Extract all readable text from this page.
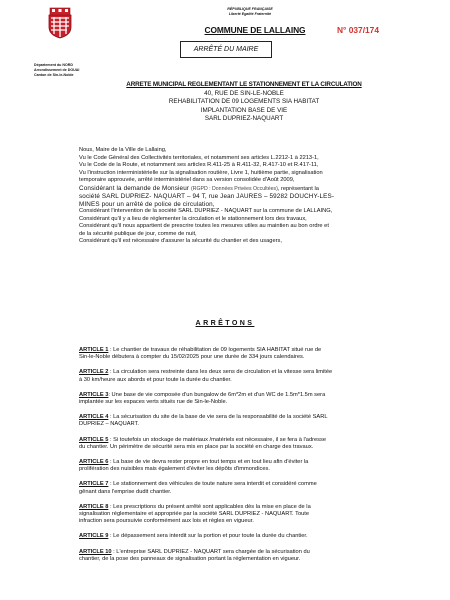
Département du NORD
Arrondissement de DOUAI
Canton de Sin-le-Noble
RÉPUBLIQUE FRANÇAISE
Liberté Egalité Fraternité
COMMUNE DE LALLAING	N° 037/174
ARRÊTÉ DU MAIRE
ARRETE MUNICIPAL REGLEMENTANT LE STATIONNEMENT ET LA CIRCULATION
40, RUE DE SIN-LE-NOBLE
REHABILITATION DE 09 LOGEMENTS SIA HABITAT
IMPLANTATION BASE DE VIE
SARL DUPRIEZ-NAQUART
Nous, Maire de la Ville de Lallaing,
Vu le Code Général des Collectivités territoriales, et notamment ses articles L.2212-1 à 2213-1,
Vu le Code de la Route, et notamment ses articles R.411-25 à R.411-32, R.417-10 et R.417-11,
Vu l'instruction interministérielle sur la signalisation routière, Livre 1, huitième partie, signalisation
temporaire approuvée, arrêté interministériel dans sa version consolidée d'Août 2009,
Considérant la demande de Monsieur (RGPD : Données Privées Occultées), représentant la
société SARL DUPRIEZ- NAQUART – 94 T, rue Jean JAURES – 59282 DOUCHY-LES-
MINES pour un arrêté de police de circulation,
Considérant l'intervention de la société SARL DUPRIEZ - NAQUART sur la commune de LALLAING,
Considérant qu'il y a lieu de réglementer la circulation et le stationnement lors des travaux,
Considérant qu'il nous appartient de prescrire toutes les mesures utiles au maintien au bon ordre et
de la sécurité publique de jour, comme de nuit,
Considérant qu'il est nécessaire d'assurer la sécurité du chantier et des usagers,
ARRÊTONS
ARTICLE 1 : Le chantier de travaux de réhabilitation de 09 logements SIA HABITAT situé rue de
Sin-le-Noble débutera à compter du 15/02/2025 pour une durée de 334 jours calendaires.
ARTICLE 2 : La circulation sera restreinte dans les deux sens de circulation et la vitesse sera limitée
à 30 km/heure aux abords et pour toute la durée du chantier.
ARTICLE 3: Une base de vie composée d'un bungalow de 6m*2m et d'un WC de 1.5m*1.5m sera
implantée sur les espaces verts situés rue de Sin-le-Noble.
ARTICLE 4 : La sécurisation du site de la base de vie sera de la responsabilité de la société SARL
DUPRIEZ – NAQUART.
ARTICLE 5 : Si toutefois un stockage de matériaux /matériels est nécessaire, il se fera à l'adresse
du chantier. Un périmètre de sécurité sera mis en place par la société en charge des travaux.
ARTICLE 6 : La base de vie devra rester propre en tout temps et en tout lieu afin d'éviter la
prolifération des nuisibles mais également d'éviter les dépôts d'immondices.
ARTICLE 7 : Le stationnement des véhicules de toute nature sera interdit et considéré comme
gênant dans l'emprise dudit chantier.
ARTICLE 8 : Les prescriptions du présent arrêté sont applicables dès la mise en place de la
signalisation réglementaire et appropriée par la société SARL DUPRIEZ - NAQUART. Toute
infraction sera poursuivie conformément aux lois et règles en vigueur.
ARTICLE 9 : Le dépassement sera interdit sur la portion et pour toute la durée du chantier.
ARTICLE 10 : L'entreprise SARL DUPRIEZ - NAQUART sera chargée de la sécurisation du
chantier, de la pose des panneaux de signalisation portant la réglementation en vigueur.
